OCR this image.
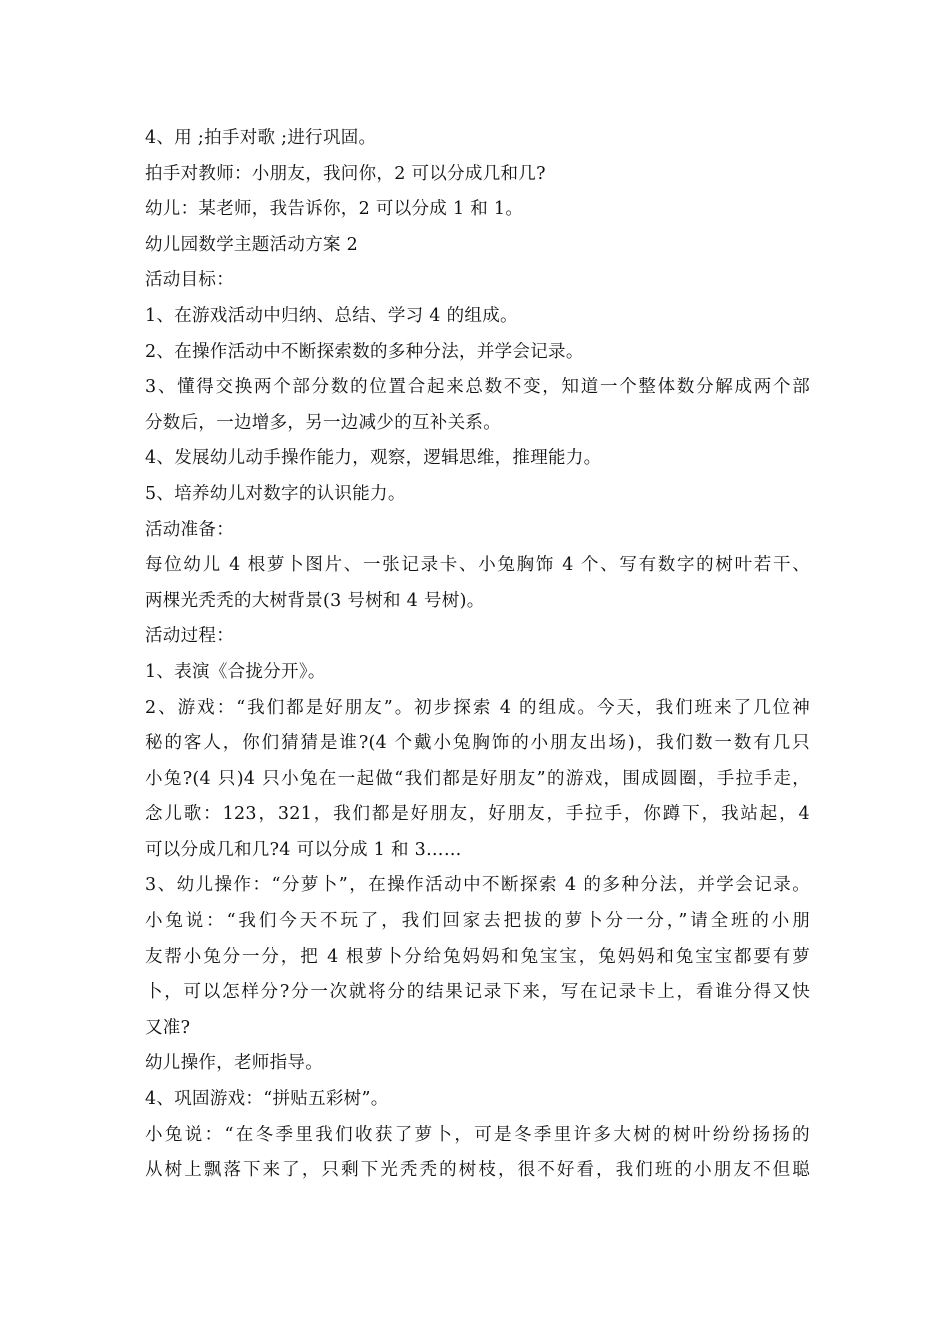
4、用 ;拍手对歌 ;进行巩固。
拍手对教师：小朋友，我问你，2 可以分成几和几?
幼儿：某老师，我告诉你，2 可以分成 1 和 1。
幼儿园数学主题活动方案 2
活动目标：
1、在游戏活动中归纳、总结、学习 4 的组成。
2、在操作活动中不断探索数的多种分法，并学会记录。
3、懂得交换两个部分数的位置合起来总数不变，知道一个整体数分解成两个部
分数后，一边增多，另一边减少的互补关系。
4、发展幼儿动手操作能力，观察，逻辑思维，推理能力。
5、培养幼儿对数字的认识能力。
活动准备：
每位幼儿 4 根萝卜图片、一张记录卡、小兔胸饰 4 个、写有数字的树叶若干、
两棵光秃秃的大树背景(3 号树和 4 号树)。
活动过程：
1、表演《合拢分开》。
2、游戏：“我们都是好朋友”。初步探索 4 的组成。今天，我们班来了几位神
秘的客人，你们猜猜是谁?(4 个戴小兔胸饰的小朋友出场)，我们数一数有几只
小兔?(4 只)4 只小兔在一起做“我们都是好朋友”的游戏，围成圆圈，手拉手走，
念儿歌：123，321，我们都是好朋友，好朋友，手拉手，你蹲下，我站起，4
可以分成几和几?4 可以分成 1 和 3……
3、幼儿操作：“分萝卜”，在操作活动中不断探索 4 的多种分法，并学会记录。
小兔说：“我们今天不玩了，我们回家去把拔的萝卜分一分，”请全班的小朋
友帮小兔分一分，把 4 根萝卜分给兔妈妈和兔宝宝，兔妈妈和兔宝宝都要有萝
卜，可以怎样分?分一次就将分的结果记录下来，写在记录卡上，看谁分得又快
又准?
幼儿操作，老师指导。
4、巩固游戏：“拼贴五彩树”。
小兔说：“在冬季里我们收获了萝卜，可是冬季里许多大树的树叶纷纷扬扬的
从树上飘落下来了，只剩下光秃秃的树枝，很不好看，我们班的小朋友不但聪
